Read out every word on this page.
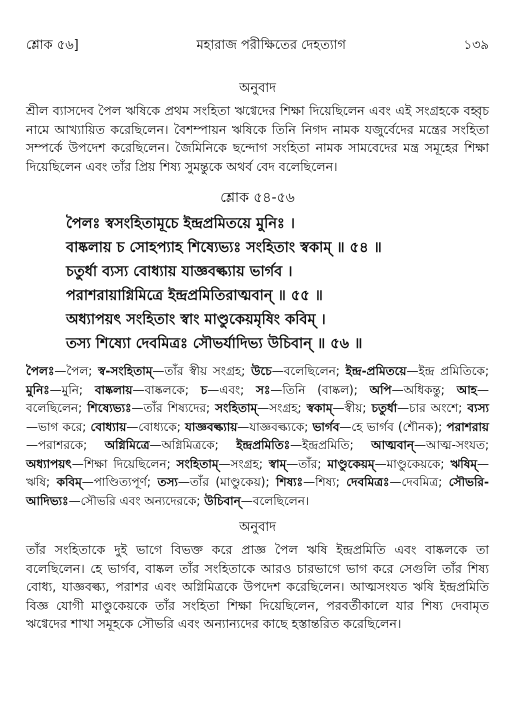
শ্লোক ৫৬]	মহারাজ পরীক্ষিতের দেহত্যাগ	১৩৯
অনুবাদ

শ্রীল ব্যাসদেব পৈল ঋষিকে প্রথম সংহিতা ঋগ্বেদের শিক্ষা দিয়েছিলেন এবং এই সংগ্রহকে বহ্বৃচ নামে আখ্যায়িত করেছিলেন। বৈশম্পায়ন ঋষিকে তিনি নিগদ নামক যজুর্বেদের মন্ত্রের সংহিতা সম্পর্কে উপদেশ করেছিলেন। জৈমিনিকে ছন্দোগ সংহিতা নামক সামবেদের মন্ত্র সমূহের শিক্ষা দিয়েছিলেন এবং তাঁর প্রিয় শিষ্য সুমন্তুকে অথর্ব বেদ বলেছিলেন।

শ্লোক ৫৪-৫৬

পৈলঃ স্বসংহিতামূচে ইন্দ্রপ্রমিতয়ে মুনিঃ ।

বাষ্কলায় চ সোহপ্যাহ শিষ্যেভ্যঃ সংহিতাং স্বকাম্ ॥ ৫৪ ॥

চতুর্ধা ব্যস্য বোধ্যায় যাজ্ঞবল্ক্যায় ভার্গব ।

পরাশরায়াগ্নিমিত্রে ইন্দ্রপ্রমিতিরাত্মবান্ ॥ ৫৫ ॥

অধ্যাপয়ৎ সংহিতাং স্বাং মাণ্ডুকেয়মৃষিং কবিম্ ।

তস্য শিষ্যো দেবমিত্রঃ সৌভর্যাদিভ্য উচিবান্ ॥ ৫৬ ॥

পৈলঃ—পৈল; স্ব-সংহিতাম্—তাঁর স্বীয় সংগ্রহ; উচে—বলেছিলেন; ইন্দ্র-প্রমিতয়ে—ইন্দ্র প্রমিতিকে; মুনিঃ—মুনি; বাষ্কলায়—বাষ্কলকে; চ—এবং; সঃ—তিনি (বাষ্কল); অপি—অধিকন্তু; আহ—বলেছিলেন; শিষ্যেভ্যঃ—তাঁর শিষ্যদের; সংহিতাম্—সংগ্রহ; স্বকাম্—স্বীয়; চতুর্ধা—চার অংশে; ব্যস্য—ভাগ করে; বোধ্যায়—বোধ্যকে; যাজ্ঞবল্ক্যায়—যাজ্ঞবল্ক্যকে; ভার্গব—হে ভার্গব (শৌনক); পরাশরায়—পরাশরকে; অগ্নিমিত্রে—অগ্নিমিত্রকে; ইন্দ্রপ্রমিতিঃ—ইন্দ্রপ্রমিতি; আত্মবান্—আত্ম-সংযত; অধ্যাপয়ৎ—শিক্ষা দিয়েছিলেন; সংহিতাম্—সংগ্রহ; স্বাম্—তাঁর; মাণ্ডুকেয়ম্—মাণ্ডুকেয়কে; ঋষিম্—ঋষি; কবিম্—পাণ্ডিত্যপূর্ণ; তস্য—তাঁর (মাণ্ডুকেয়); শিষ্যঃ—শিষ্য; দেবমিত্রঃ—দেবমিত্র; সৌভরি-আদিভ্যঃ—সৌভরি এবং অন্যদেরকে; উচিবান্—বলেছিলেন।

অনুবাদ

তাঁর সংহিতাকে দুই ভাগে বিভক্ত করে প্রাজ্ঞ পৈল ঋষি ইন্দ্রপ্রমিতি এবং বাষ্কলকে তা বলেছিলেন। হে ভার্গব, বাষ্কল তাঁর সংহিতাকে আরও চারভাগে ভাগ করে সেগুলি তাঁর শিষ্য বোধ্য, যাজ্ঞবল্ক্য, পরাশর এবং অগ্নিমিত্রকে উপদেশ করেছিলেন। আত্মসংযত ঋষি ইন্দ্রপ্রমিতি বিজ্ঞ যোগী মাণ্ডুকেয়কে তাঁর সংহিতা শিক্ষা দিয়েছিলেন, পরবর্তীকালে যার শিষ্য দেবামৃত ঋগ্বেদের শাখা সমূহকে সৌভরি এবং অন্যান্যদের কাছে হস্তান্তরিত করেছিলেন।
